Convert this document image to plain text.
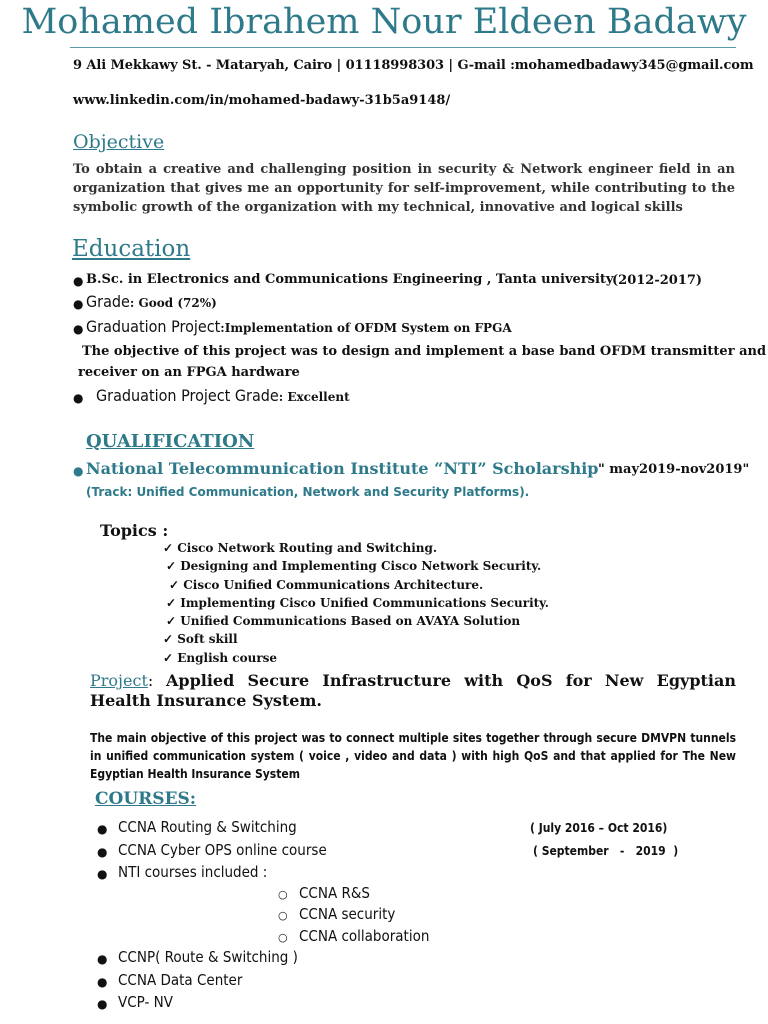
Mohamed Ibrahem Nour Eldeen Badawy
9 Ali Mekkawy St. - Mataryah, Cairo | 01118998303 | G-mail :mohamedbadawy345@gmail.com
www.linkedin.com/in/mohamed-badawy-31b5a9148/
Objective
To obtain a creative and challenging position in security & Network engineer field in an organization that gives me an opportunity for self-improvement, while contributing to the symbolic growth of the organization with my technical, innovative and logical skills
Education
● B.Sc. in Electronics and Communications Engineering , Tanta university
(2012-2017)
● Grade: Good (72%)
● Graduation Project:Implementation of OFDM System on FPGA
The objective of this project was to design and implement a base band OFDM transmitter and
receiver on an FPGA hardware
● Graduation Project Grade: Excellent
QUALIFICATION
● National Telecommunication Institute “NTI” Scholarship " may2019-nov2019"
(Track: Unified Communication, Network and Security Platforms).
Topics :
✓ Cisco Network Routing and Switching.
✓ Designing and Implementing Cisco Network Security.
✓ Cisco Unified Communications Architecture.
✓ Implementing Cisco Unified Communications Security.
✓ Unified Communications Based on AVAYA Solution
✓ Soft skill
✓ English course
Project: Applied Secure Infrastructure with QoS for New Egyptian Health Insurance System.
The main objective of this project was to connect multiple sites together through secure DMVPN tunnels in unified communication system ( voice , video and data ) with high QoS and that applied for The New Egyptian Health Insurance System
COURSES:
● CCNA Routing & Switching	( July 2016 – Oct 2016)
● CCNA Cyber OPS online course	( September   -   2019  )
● NTI courses included :
○ CCNA R&S
○ CCNA security
○ CCNA collaboration
● CCNP( Route & Switching )
● CCNA Data Center
● VCP- NV
